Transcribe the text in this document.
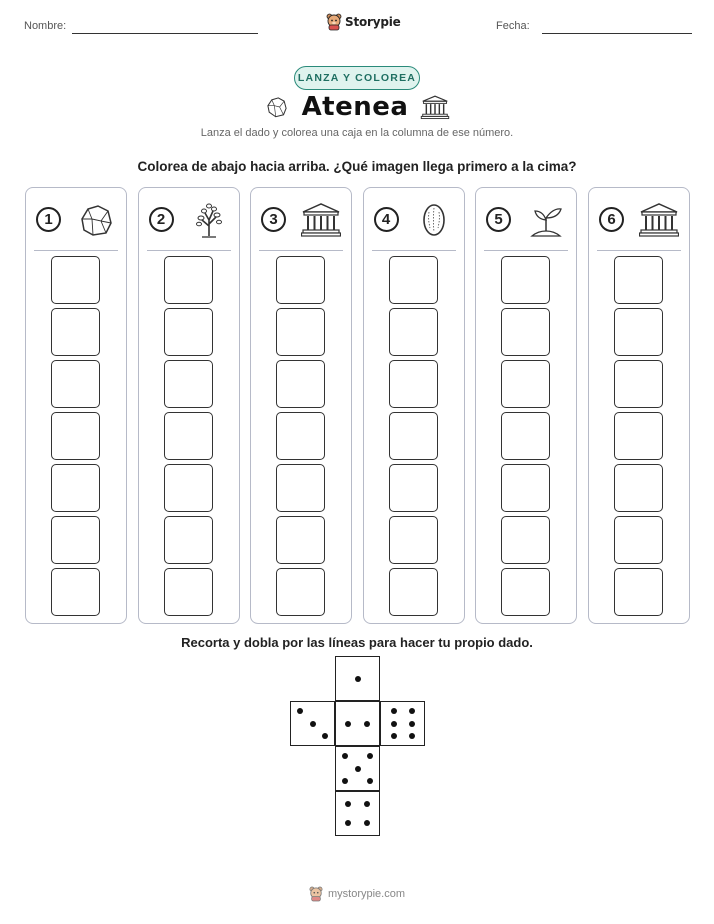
Nombre:	Fecha:
Storypie
LANZA Y COLOREA
Atenea
Lanza el dado y colorea una caja en la columna de ese número.
Colorea de abajo hacia arriba. ¿Qué imagen llega primero a la cima?
1	2	3	4	5	6
Recorta y dobla por las líneas para hacer tu propio dado.
mystorypie.com
